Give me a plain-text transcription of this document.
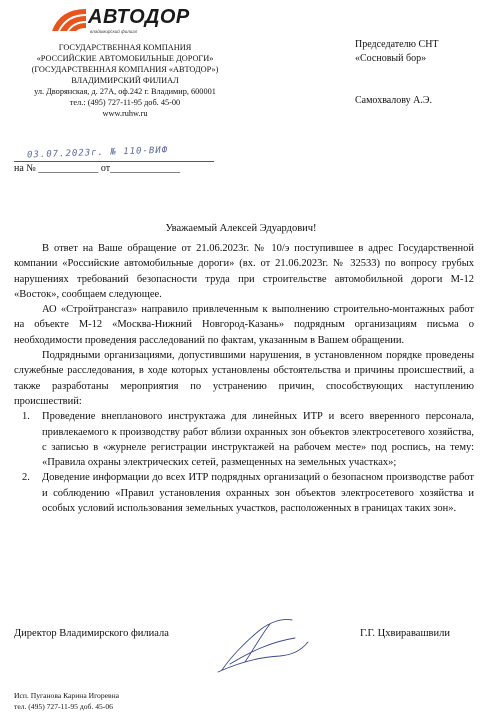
АВТОДОР
владимирский филиал
ГОСУДАРСТВЕННАЯ КОМПАНИЯ
«РОССИЙСКИЕ АВТОМОБИЛЬНЫЕ ДОРОГИ»
(ГОСУДАРСТВЕННАЯ КОМПАНИЯ «АВТОДОР»)
ВЛАДИМИРСКИЙ ФИЛИАЛ
ул. Дворянская, д. 27А, оф.242 г. Владимир, 600001
тел.: (495) 727-11-95 доб. 45-00
www.ruhw.ru
Председателю СНТ
«Сосновый бор»
Самохвалову А.Э.
03.07.2023г. № 110-ВИФ
на № ____________ от______________
Уважаемый Алексей Эдуардович!

В ответ на Ваше обращение от 21.06.2023г. № 10/э поступившее в адрес Государственной компании «Российские автомобильные дороги» (вх. от 21.06.2023г. № 32533) по вопросу грубых нарушениях требований безопасности труда при строительстве автомобильной дороги М-12 «Восток», сообщаем следующее.

АО «Стройтрансгаз» направило привлеченным к выполнению строительно-монтажных работ на объекте М-12 «Москва-Нижний Новгород-Казань» подрядным организациям письма о необходимости проведения расследований по фактам, указанным в Вашем обращении.

Подрядными организациями, допустившими нарушения, в установленном порядке проведены служебные расследования, в ходе которых установлены обстоятельства и причины происшествий, а также разработаны мероприятия по устранению причин, способствующих наступлению происшествий:

1. Проведение внепланового инструктажа для линейных ИТР и всего вверенного персонала, привлекаемого к производству работ вблизи охранных зон объектов электросетевого хозяйства, с записью в «журнеле регистрации инструктажей на рабочем месте» под роспись, на тему: «Правила охраны электрических сетей, размещенных на земельных участках»;
2. Доведение информации до всех ИТР подрядных организаций о безопасном производстве работ и соблюдению «Правил установления охранных зон объектов электросетевого хозяйства и особых условий использования земельных участков, расположенных в границах таких зон».
Директор Владимирского филиала	Г.Г. Цхвиравашвили
Исп. Пуганова Карина Игоревна
тел. (495) 727-11-95 доб. 45-06
